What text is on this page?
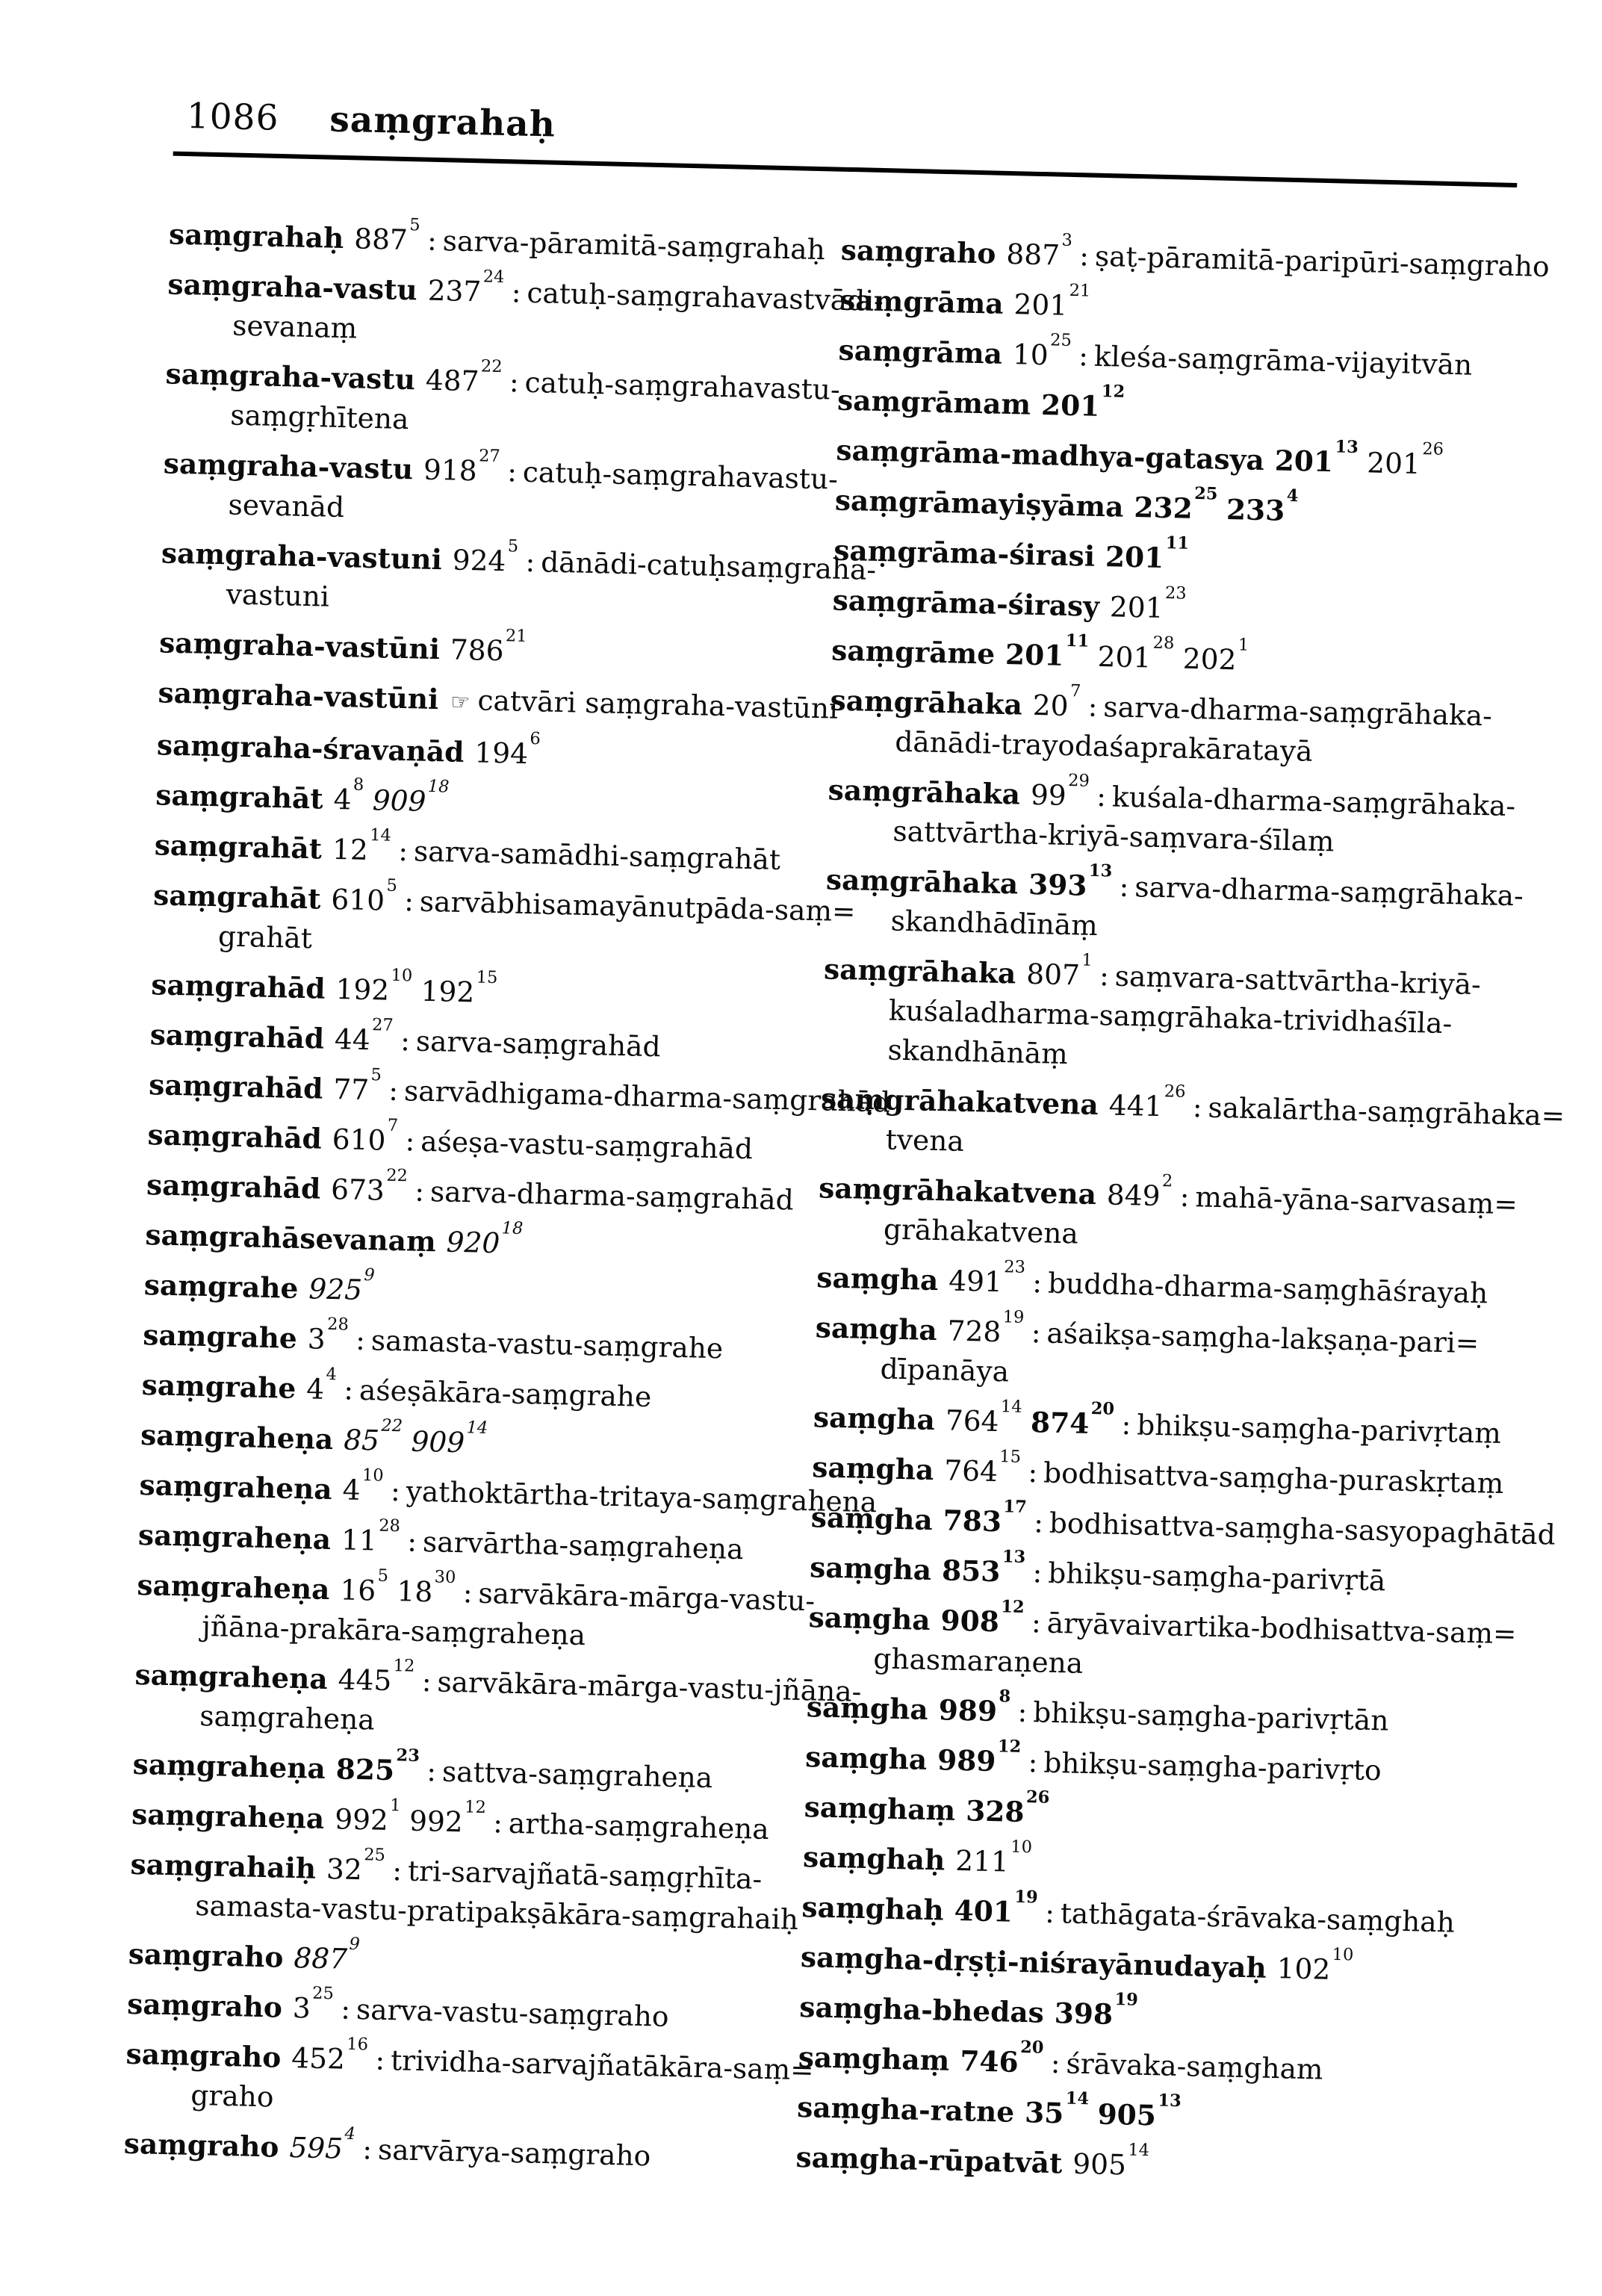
1086 saṃgrahaḥ
saṃgrahaḥ $887^5$ : sarva-pāramitā-saṃgrahaḥ
saṃgraha-vastu $237^{24}$ : catuḥ-saṃgrahavastvādi-
sevanaṃ
saṃgraha-vastu $487^{22}$ : catuḥ-saṃgrahavastu-
saṃgṛhītena
saṃgraha-vastu $918^{27}$ : catuḥ-saṃgrahavastu-
sevanād
saṃgraha-vastuni $924^5$ : dānādi-catuḥsaṃgraha-
vastuni
saṃgraha-vastūni $786^{21}$
saṃgraha-vastūni ☞ catvāri saṃgraha-vastūni
saṃgraha-śravaṇād $194^6$
saṃgrahāt $4^8$ $909^{18}$
saṃgrahāt $12^{14}$ : sarva-samādhi-saṃgrahāt
saṃgrahāt $610^5$ : sarvābhisamayānutpāda-saṃ=
grahāt
saṃgrahād $192^{10}$ $192^{15}$
saṃgrahād $44^{27}$ : sarva-saṃgrahād
saṃgrahād $77^5$ : sarvādhigama-dharma-saṃgrahād
saṃgrahād $610^7$ : aśeṣa-vastu-saṃgrahād
saṃgrahād $673^{22}$ : sarva-dharma-saṃgrahād
saṃgrahāsevanaṃ $920^{18}$
saṃgrahe $925^9$
saṃgrahe $3^{28}$ : samasta-vastu-saṃgrahe
saṃgrahe $4^4$ : aśeṣākāra-saṃgrahe
saṃgraheṇa $85^{22}$ $909^{14}$
saṃgraheṇa $4^{10}$ : yathoktārtha-tritaya-saṃgraheṇa
saṃgraheṇa $11^{28}$ : sarvārtha-saṃgraheṇa
saṃgraheṇa $16^5$ $18^{30}$ : sarvākāra-mārga-vastu-
jñāna-prakāra-saṃgraheṇa
saṃgraheṇa $445^{12}$ : sarvākāra-mārga-vastu-jñāna-
saṃgraheṇa
saṃgraheṇa $825^{23}$ : sattva-saṃgraheṇa
saṃgraheṇa $992^1$ $992^{12}$ : artha-saṃgraheṇa
saṃgrahaiḥ $32^{25}$ : tri-sarvajñatā-saṃgṛhīta-
samasta-vastu-pratipakṣākāra-saṃgrahaiḥ
saṃgraho $887^9$
saṃgraho $3^{25}$ : sarva-vastu-saṃgraho
saṃgraho $452^{16}$ : trividha-sarvajñatākāra-saṃ=
graho
saṃgraho $595^4$ : sarvārya-saṃgraho
saṃgraho $887^3$ : ṣaṭ-pāramitā-paripūri-saṃgraho
saṃgrāma $201^{21}$
saṃgrāma $10^{25}$ : kleśa-saṃgrāma-vijayitvān
saṃgrāmam $201^{12}$
saṃgrāma-madhya-gatasya $201^{13}$ $201^{26}$
saṃgrāmayiṣyāma $232^{25}$ $233^4$
saṃgrāma-śirasi $201^{11}$
saṃgrāma-śirasy $201^{23}$
saṃgrāme $201^{11}$ $201^{28}$ $202^1$
saṃgrāhaka $20^7$ : sarva-dharma-saṃgrāhaka-
dānādi-trayodaśaprakāratayā
saṃgrāhaka $99^{29}$ : kuśala-dharma-saṃgrāhaka-
sattvārtha-kriyā-saṃvara-śīlaṃ
saṃgrāhaka $393^{13}$ : sarva-dharma-saṃgrāhaka-
skandhādīnāṃ
saṃgrāhaka $807^1$ : saṃvara-sattvārtha-kriyā-
kuśaladharma-saṃgrāhaka-trividhaśīla-
skandhānāṃ
saṃgrāhakatvena $441^{26}$ : sakalārtha-saṃgrāhaka=
tvena
saṃgrāhakatvena $849^2$ : mahā-yāna-sarvasaṃ=
grāhakatvena
saṃgha $491^{23}$ : buddha-dharma-saṃghāśrayaḥ
saṃgha $728^{19}$ : aśaikṣa-saṃgha-lakṣaṇa-pari=
dīpanāya
saṃgha $764^{14}$ $874^{20}$ : bhikṣu-saṃgha-parivṛtaṃ
saṃgha $764^{15}$ : bodhisattva-saṃgha-puraskṛtaṃ
saṃgha $783^{17}$ : bodhisattva-saṃgha-sasyopaghātād
saṃgha $853^{13}$ : bhikṣu-saṃgha-parivṛtā
saṃgha $908^{12}$ : āryāvaivartika-bodhisattva-saṃ=
ghasmaraṇena
saṃgha $989^8$ : bhikṣu-saṃgha-parivṛtān
saṃgha $989^{12}$ : bhikṣu-saṃgha-parivṛto
saṃghaṃ $328^{26}$
saṃghaḥ $211^{10}$
saṃghaḥ $401^{19}$ : tathāgata-śrāvaka-saṃghaḥ
saṃgha-dṛṣṭi-niśrayānudayaḥ $102^{10}$
saṃgha-bhedas $398^{19}$
saṃghaṃ $746^{20}$ : śrāvaka-saṃgham
saṃgha-ratne $35^{14}$ $905^{13}$
saṃgha-rūpatvāt $905^{14}$
